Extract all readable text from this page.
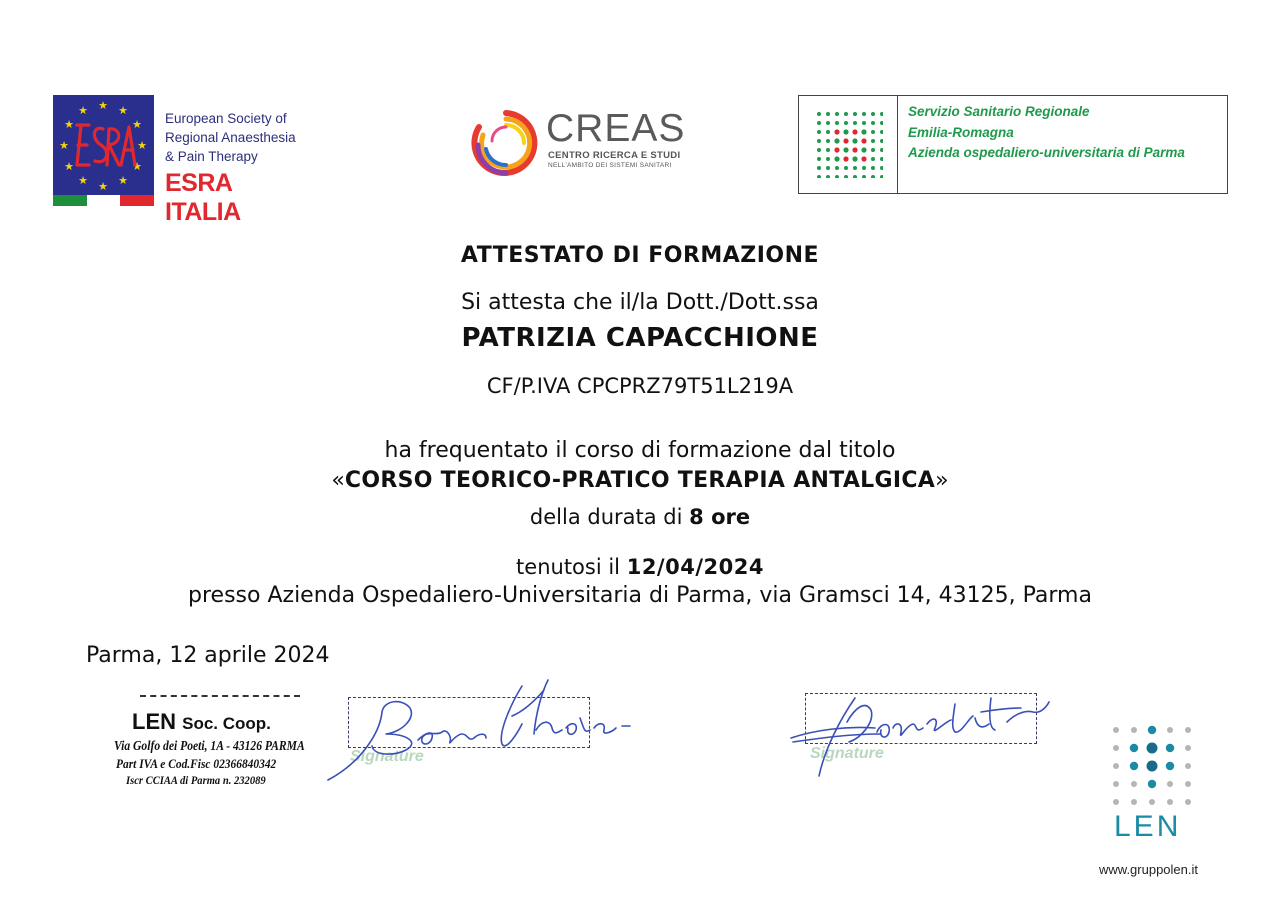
★ ★
★
★
★
★
★
★
★
★
★
★
European Society of
Regional Anaesthesia
& Pain Therapy
ESRA ITALIA
CREAS
CENTRO RICERCA E STUDI
NELL'AMBITO DEI SISTEMI SANITARI
Servizio Sanitario Regionale
Emilia-Romagna
Azienda ospedaliero-universitaria di Parma
ATTESTATO DI FORMAZIONE
Si attesta che il/la Dott./Dott.ssa
PATRIZIA CAPACCHIONE
CF/P.IVA CPCPRZ79T51L219A
ha frequentato il corso di formazione dal titolo
«CORSO TEORICO-PRATICO TERAPIA ANTALGICA»
della durata di 8 ore
tenutosi il 12/04/2024
presso Azienda Ospedaliero-Universitaria di Parma, via Gramsci 14, 43125, Parma
Parma, 12 aprile 2024
LEN Soc. Coop.
Via Golfo dei Poeti, 1A - 43126 PARMA
Part IVA e Cod.Fisc 02366840342
Iscr CCIAA di Parma n. 232089
Signature	Signature
LEN
www.gruppolen.it
